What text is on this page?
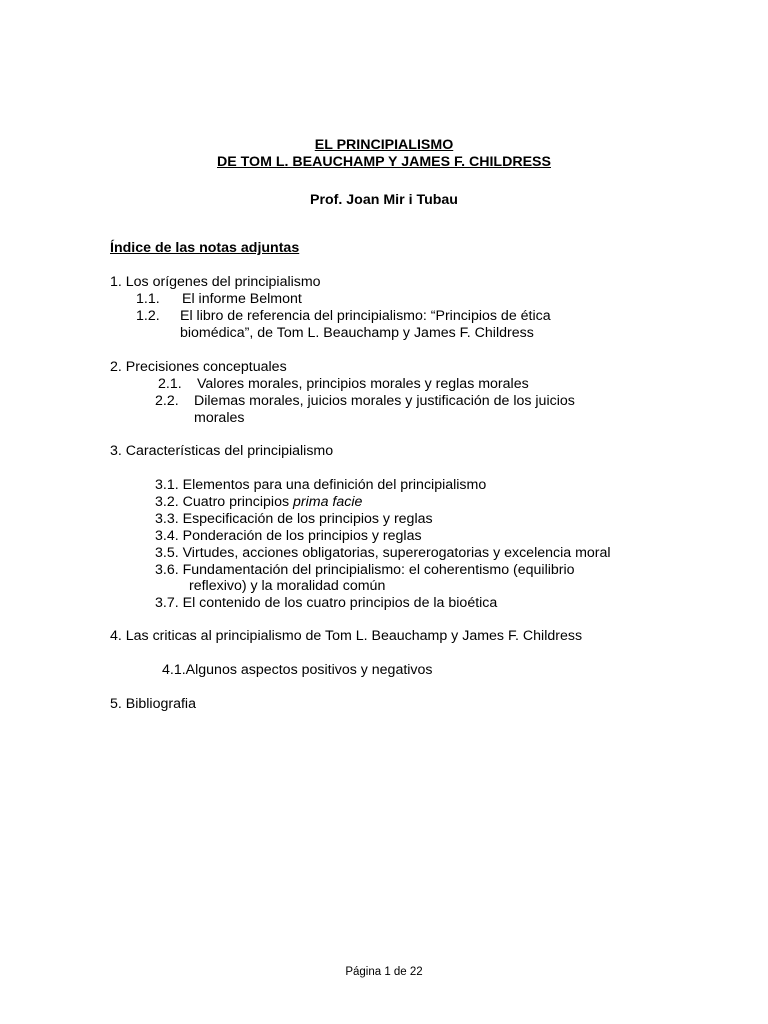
EL PRINCIPIALISMO
DE TOM L. BEAUCHAMP Y JAMES F. CHILDRESS
Prof. Joan Mir i Tubau
Índice de las notas adjuntas
1. Los orígenes del principialismo
1.1. El informe Belmont
1.2. El libro de referencia del principialismo: “Principios de ética
biomédica”, de Tom L. Beauchamp y James F. Childress
2. Precisiones conceptuales
2.1. Valores morales, principios morales y reglas morales
2.2. Dilemas morales, juicios morales y justificación de los juicios
morales
3. Características del principialismo
3.1. Elementos para una definición del principialismo
3.2. Cuatro principios prima facie
3.3. Especificación de los principios y reglas
3.4. Ponderación de los principios y reglas
3.5. Virtudes, acciones obligatorias, supererogatorias y excelencia moral
3.6. Fundamentación del principialismo: el coherentismo (equilibrio
reflexivo) y la moralidad común
3.7. El contenido de los cuatro principios de la bioética
4. Las criticas al principialismo de Tom L. Beauchamp y James F. Childress
4.1.Algunos aspectos positivos y negativos
5. Bibliografia
Página 1 de 22
